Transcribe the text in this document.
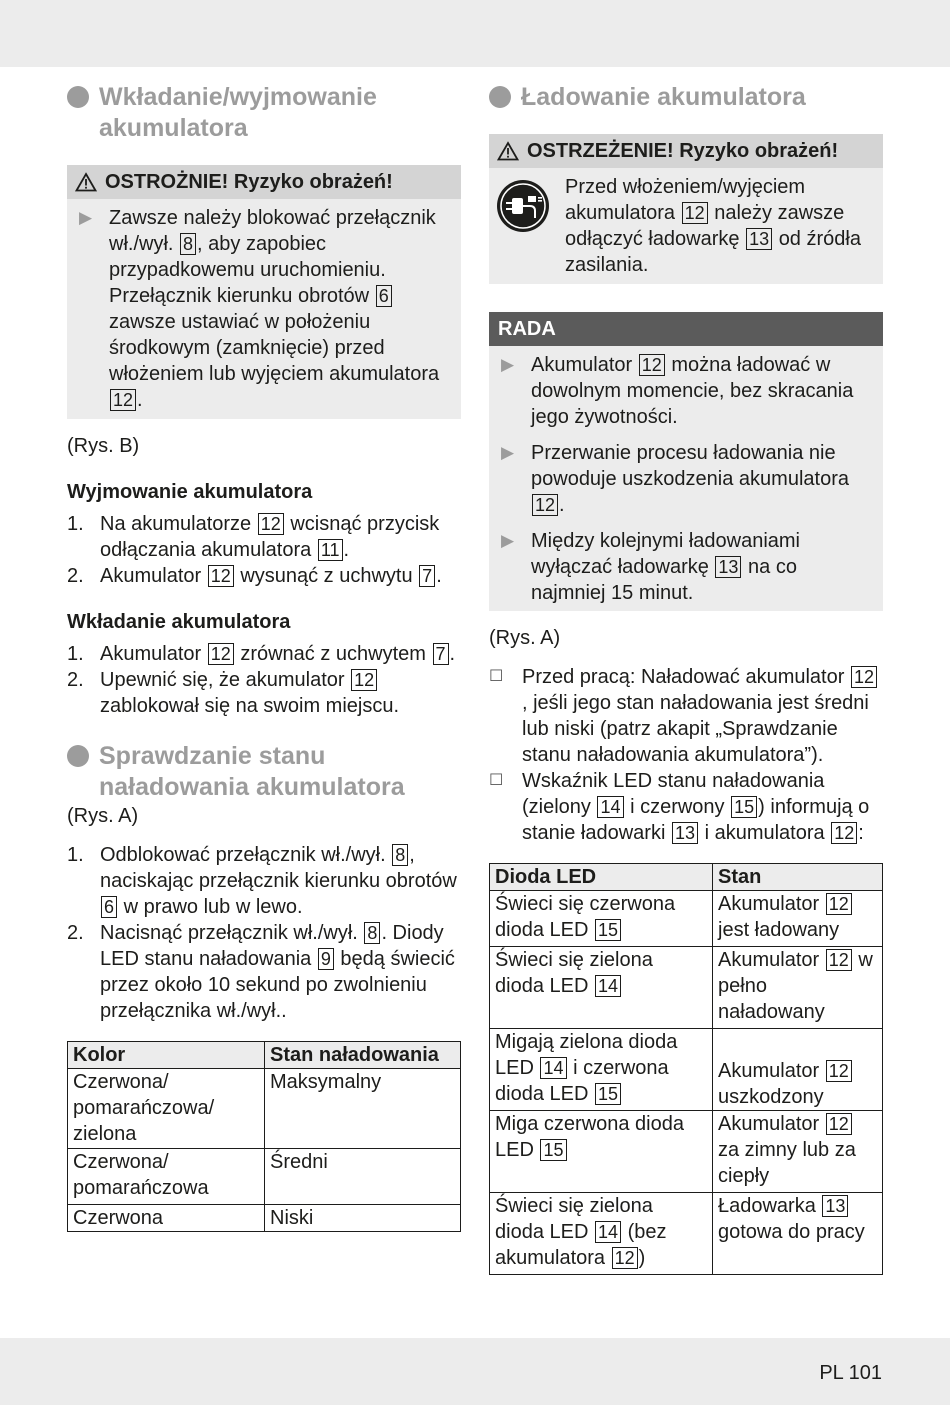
Wkładanie/wyjmowanie akumulatora
OSTROŻNIE! Ryzyko obrażeń!
▶ Zawsze należy blokować przełącznik wł./wył. 8 , aby zapobiec przypadkowemu uruchomieniu. Przełącznik kierunku obrotów 6 zawsze ustawiać w położeniu środkowym (zamknięcie) przed włożeniem lub wyjęciem akumulatora 12 .
(Rys. B)
Wyjmowanie akumulatora
1. Na akumulatorze 12 wcisnąć przycisk odłączania akumulatora 11 .
2. Akumulator 12 wysunąć z uchwytu 7 .
Wkładanie akumulatora
1. Akumulator 12 zrównać z uchwytem 7 .
2. Upewnić się, że akumulator 12 zablokował się na swoim miejscu.
Sprawdzanie stanu naładowania akumulatora
(Rys. A)
1. Odblokować przełącznik wł./wył. 8 , naciskając przełącznik kierunku obrotów 6 w prawo lub w lewo.
2. Nacisnąć przełącznik wł./wył. 8 . Diody LED stanu naładowania 9 będą świecić przez około 10 sekund po zwolnieniu przełącznika wł./wył..
Kolor	Stan naładowania
Czerwona/ pomarańczowa/ zielona	Maksymalny
Czerwona/ pomarańczowa	Średni
Czerwona	Niski
Ładowanie akumulatora
OSTRZEŻENIE! Ryzyko obrażeń!
Przed włożeniem/wyjęciem akumulatora 12 należy zawsze odłączyć ładowarkę 13 od źródła zasilania.
RADA
▶ Akumulator 12 można ładować w dowolnym momencie, bez skracania jego żywotności.
▶ Przerwanie procesu ładowania nie powoduje uszkodzenia akumulatora 12 .
▶ Między kolejnymi ładowaniami wyłączać ładowarkę 13 na co najmniej 15 minut.
(Rys. A)
☐ Przed pracą: Naładować akumulator 12, jeśli jego stan naładowania jest średni lub niski (patrz akapit „Sprawdzanie stanu naładowania akumulatora”).
☐ Wskaźnik LED stanu naładowania (zielony 14 i czerwony 15 ) informują o stanie ładowarki 13 i akumulatora 12 :
Dioda LED	Stan
Świeci się czerwona dioda LED 15	Akumulator 12 jest ładowany
Świeci się zielona dioda LED 14	Akumulator 12 w pełno naładowany
Migają zielona dioda LED 14 i czerwona dioda LED 15	Akumulator 12 uszkodzony
Miga czerwona dioda LED 15	Akumulator 12 za zimny lub za ciepły
Świeci się zielona dioda LED 14 (bez akumulatora 12 )	Ładowarka 13 gotowa do pracy
PL 101
